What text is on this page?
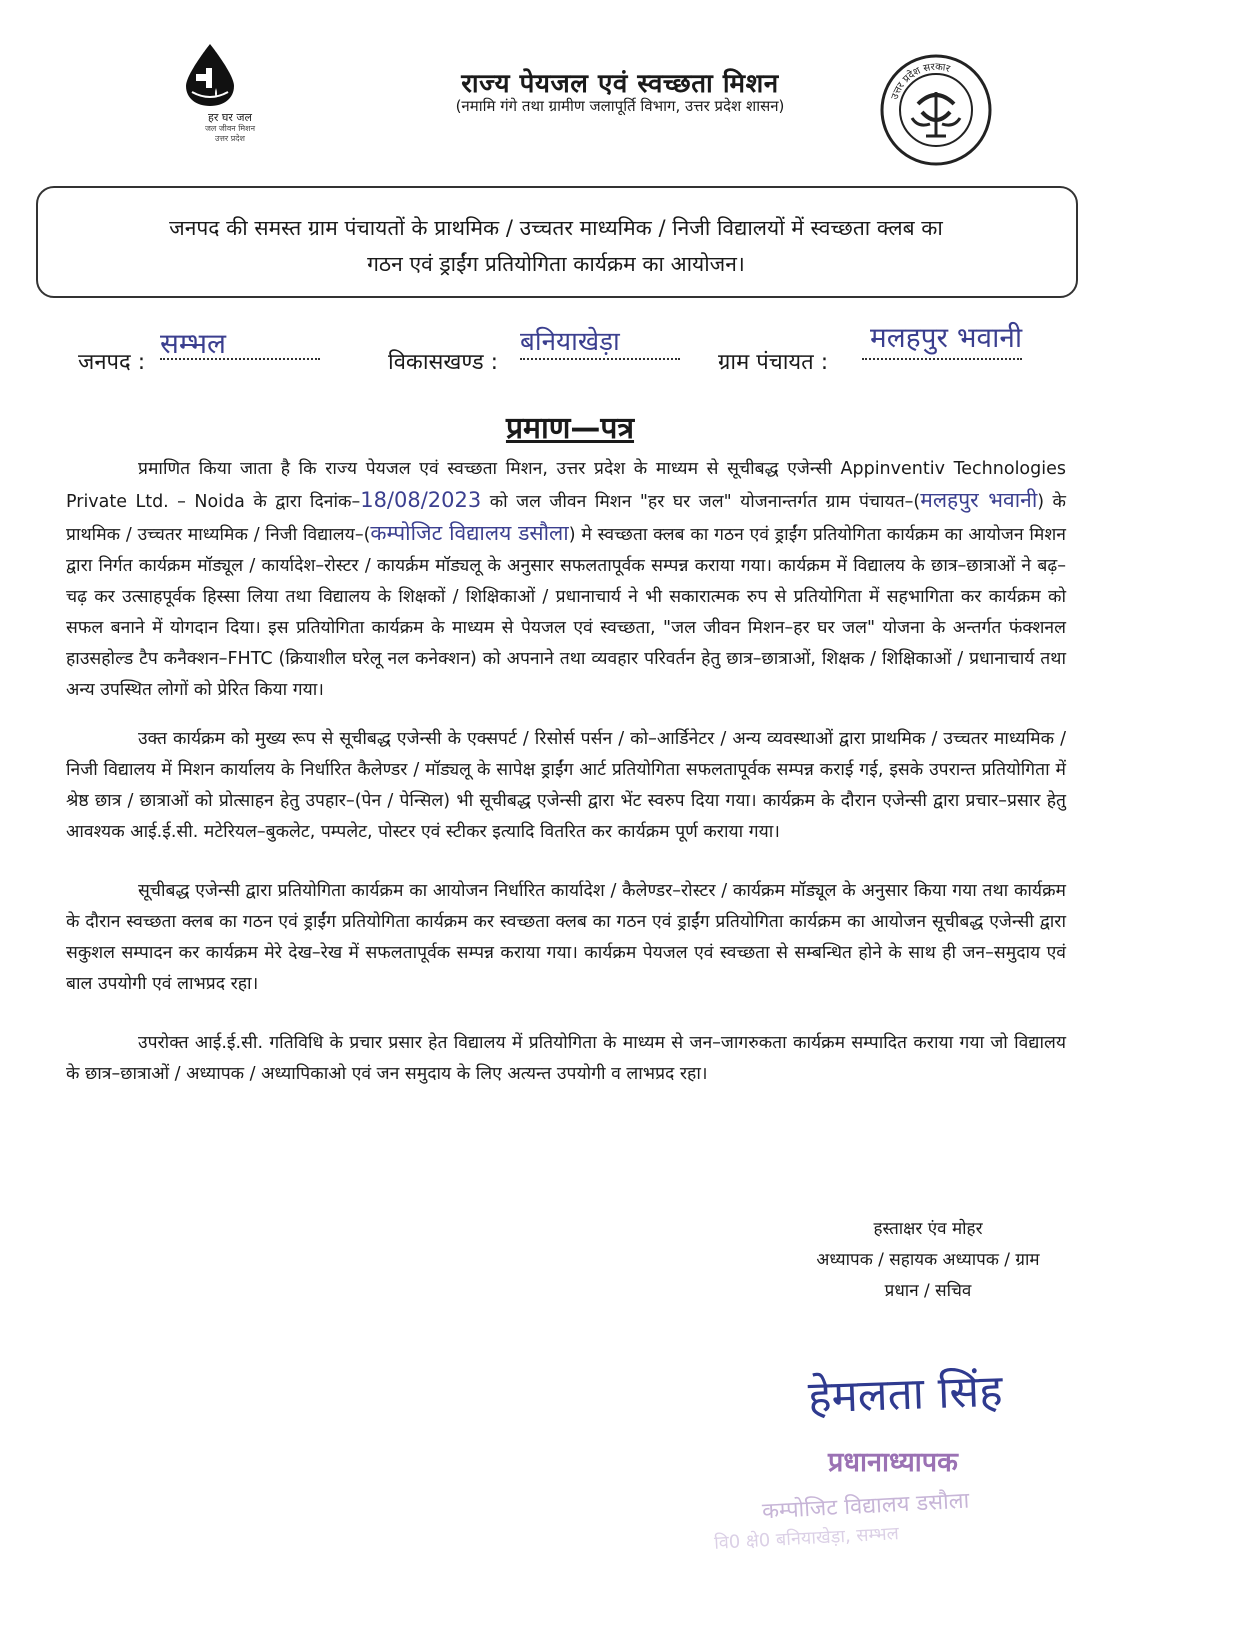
हर घर जल
जल जीवन मिशन
उत्तर प्रदेश
राज्य पेयजल एवं स्वच्छता मिशन
(नमामि गंगे तथा ग्रामीण जलापूर्ति विभाग, उत्तर प्रदेश शासन)
उत्तर प्रदेश सरकार
जनपद की समस्त ग्राम पंचायतों के प्राथमिक / उच्चतर माध्यमिक / निजी विद्यालयों में स्वच्छता क्लब का
गठन एवं ड्राईंग प्रतियोगिता कार्यक्रम का आयोजन।
जनपद :
सम्भल
विकासखण्ड :
बनियाखेड़ा
ग्राम पंचायत :
मलहपुर भवानी
प्रमाण—पत्र
प्रमाणित किया जाता है कि राज्य पेयजल एवं स्वच्छता मिशन, उत्तर प्रदेश के माध्यम से सूचीबद्ध एजेन्सी Appinventiv Technologies Private Ltd. – Noida के द्वारा दिनांक–18/08/2023 को जल जीवन मिशन "हर घर जल" योजनान्तर्गत ग्राम पंचायत–(मलहपुर भवानी) के प्राथमिक / उच्चतर माध्यमिक / निजी विद्यालय–(कम्पोजिट विद्यालय डसौला) मे स्वच्छता क्लब का गठन एवं ड्राईंग प्रतियोगिता कार्यक्रम का आयोजन मिशन द्वारा निर्गत कार्यक्रम मॉड्यूल / कार्यादेश–रोस्टर / कायर्क्रम मॉड्यलू के अनुसार सफलतापूर्वक सम्पन्न कराया गया। कार्यक्रम में विद्यालय के छात्र–छात्राओं ने बढ़–चढ़ कर उत्साहपूर्वक हिस्सा लिया तथा विद्यालय के शिक्षकों / शिक्षिकाओं / प्रधानाचार्य ने भी सकारात्मक रुप से प्रतियोगिता में सहभागिता कर कार्यक्रम को सफल बनाने में योगदान दिया। इस प्रतियोगिता कार्यक्रम के माध्यम से पेयजल एवं स्वच्छता, "जल जीवन मिशन–हर घर जल" योजना के अन्तर्गत फंक्शनल हाउसहोल्ड टैप कनैक्शन–FHTC (क्रियाशील घरेलू नल कनेक्शन) को अपनाने तथा व्यवहार परिवर्तन हेतु छात्र–छात्राओं, शिक्षक / शिक्षिकाओं / प्रधानाचार्य तथा अन्य उपस्थित लोगों को प्रेरित किया गया।
उक्त कार्यक्रम को मुख्य रूप से सूचीबद्ध एजेन्सी के एक्सपर्ट / रिसोर्स पर्सन / को–आर्डिनेटर / अन्य व्यवस्थाओं द्वारा प्राथमिक / उच्चतर माध्यमिक / निजी विद्यालय में मिशन कार्यालय के निर्धारित कैलेण्डर / मॉड्यलू के सापेक्ष ड्राईंग आर्ट प्रतियोगिता सफलतापूर्वक सम्पन्न कराई गई, इसके उपरान्त प्रतियोगिता में श्रेष्ठ छात्र / छात्राओं को प्रोत्साहन हेतु उपहार–(पेन / पेन्सिल) भी सूचीबद्ध एजेन्सी द्वारा भेंट स्वरुप दिया गया। कार्यक्रम के दौरान एजेन्सी द्वारा प्रचार–प्रसार हेतु आवश्यक आई.ई.सी. मटेरियल–बुकलेट, पम्पलेट, पोस्टर एवं स्टीकर इत्यादि वितरित कर कार्यक्रम पूर्ण कराया गया।
सूचीबद्ध एजेन्सी द्वारा प्रतियोगिता कार्यक्रम का आयोजन निर्धारित कार्यादेश / कैलेण्डर–रोस्टर / कार्यक्रम मॉड्यूल के अनुसार किया गया तथा कार्यक्रम के दौरान स्वच्छता क्लब का गठन एवं ड्राईंग प्रतियोगिता कार्यक्रम कर स्वच्छता क्लब का गठन एवं ड्राईंग प्रतियोगिता कार्यक्रम का आयोजन सूचीबद्ध एजेन्सी द्वारा सकुशल सम्पादन कर कार्यक्रम मेरे देख–रेख में सफलतापूर्वक सम्पन्न कराया गया। कार्यक्रम पेयजल एवं स्वच्छता से सम्बन्धित होने के साथ ही जन–समुदाय एवं बाल उपयोगी एवं लाभप्रद रहा।
उपरोक्त आई.ई.सी. गतिविधि के प्रचार प्रसार हेत विद्यालय में प्रतियोगिता के माध्यम से जन–जागरुकता कार्यक्रम सम्पादित कराया गया जो विद्यालय के छात्र–छात्राओं / अध्यापक / अध्यापिकाओ एवं जन समुदाय के लिए अत्यन्त उपयोगी व लाभप्रद रहा।
हस्ताक्षर एंव मोहर
अध्यापक / सहायक अध्यापक / ग्राम
प्रधान / सचिव
हेमलता सिंह
प्रधानाध्यापक
कम्पोजिट विद्यालय डसौला
वि0 क्षे0 बनियाखेड़ा, सम्भल
